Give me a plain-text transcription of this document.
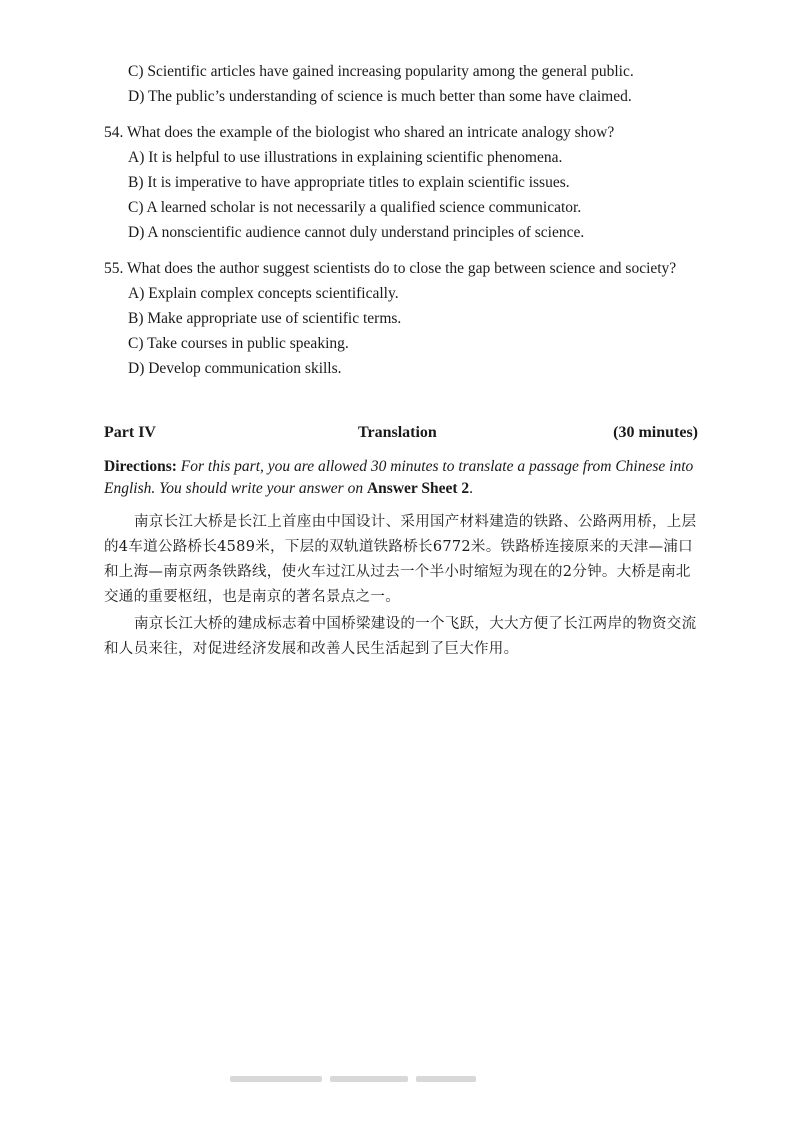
C) Scientific articles have gained increasing popularity among the general public.
D) The public’s understanding of science is much better than some have claimed.
54. What does the example of the biologist who shared an intricate analogy show?
A) It is helpful to use illustrations in explaining scientific phenomena.
B) It is imperative to have appropriate titles to explain scientific issues.
C) A learned scholar is not necessarily a qualified science communicator.
D) A nonscientific audience cannot duly understand principles of science.
55. What does the author suggest scientists do to close the gap between science and society?
A) Explain complex concepts scientifically.
B) Make appropriate use of scientific terms.
C) Take courses in public speaking.
D) Develop communication skills.
Part IV	Translation	(30 minutes)
Directions: For this part, you are allowed 30 minutes to translate a passage from Chinese into English. You should write your answer on Answer Sheet 2.
南京长江大桥是长江上首座由中国设计、采用国产材料建造的铁路、公路两用桥，上层的4车道公路桥长4589米，下层的双轨道铁路桥长6772米。铁路桥连接原来的天津—浦口和上海—南京两条铁路线，使火车过江从过去一个半小时缩短为现在的2分钟。大桥是南北交通的重要枢纽，也是南京的著名景点之一。
南京长江大桥的建成标志着中国桥梁建设的一个飞跃，大大方便了长江两岸的物资交流和人员来往，对促进经济发展和改善人民生活起到了巨大作用。
